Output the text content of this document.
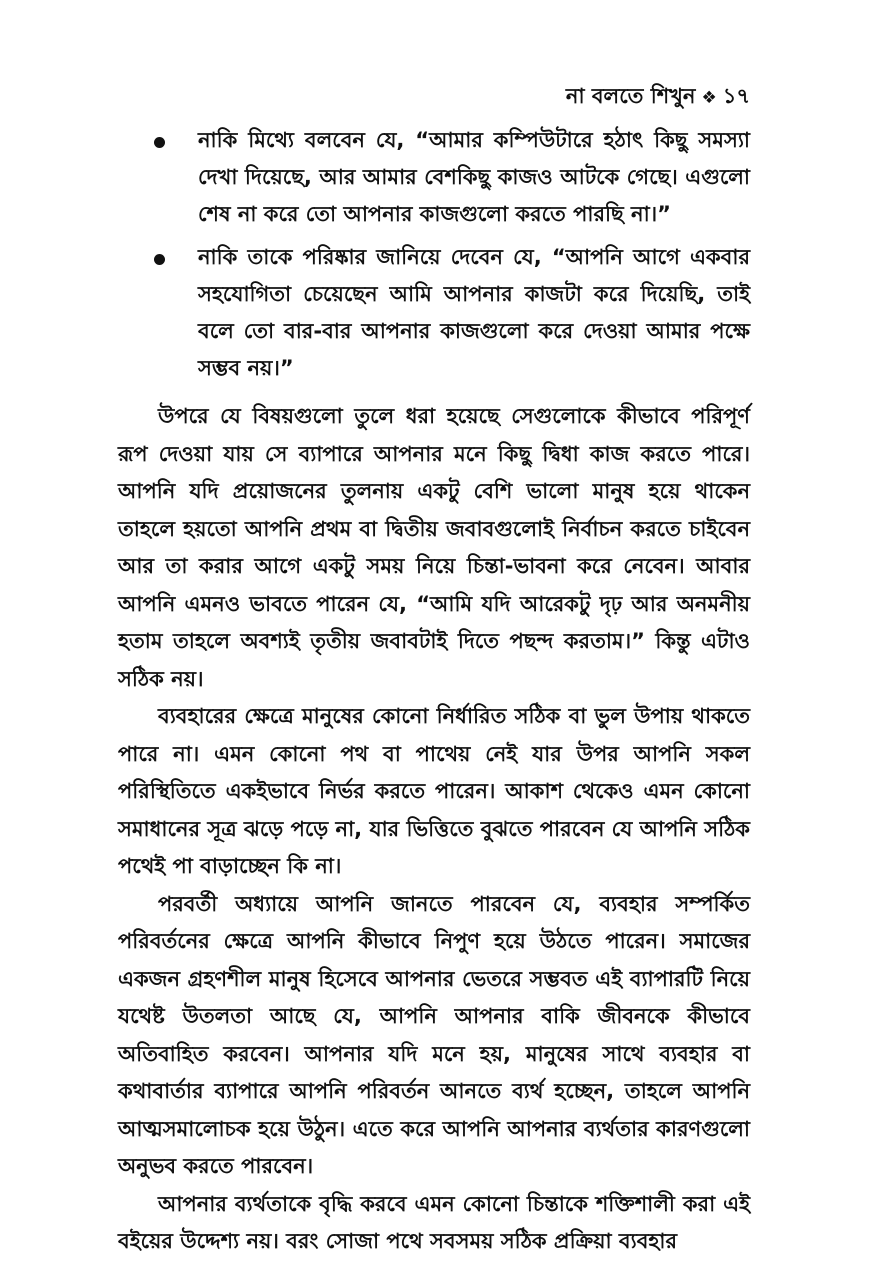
না বলতে শিখুন ❖ ১৭
নাকি মিথ্যে বলবেন যে, “আমার কম্পিউটারে হঠাৎ কিছু সমস্যা দেখা দিয়েছে, আর আমার বেশকিছু কাজও আটকে গেছে। এগুলো শেষ না করে তো আপনার কাজগুলো করতে পারছি না।”
নাকি তাকে পরিষ্কার জানিয়ে দেবেন যে, “আপনি আগে একবার সহযোগিতা চেয়েছেন আমি আপনার কাজটা করে দিয়েছি, তাই বলে তো বার-বার আপনার কাজগুলো করে দেওয়া আমার পক্ষে সম্ভব নয়।”

উপরে যে বিষয়গুলো তুলে ধরা হয়েছে সেগুলোকে কীভাবে পরিপূর্ণ রূপ দেওয়া যায় সে ব্যাপারে আপনার মনে কিছু দ্বিধা কাজ করতে পারে। আপনি যদি প্রয়োজনের তুলনায় একটু বেশি ভালো মানুষ হয়ে থাকেন তাহলে হয়তো আপনি প্রথম বা দ্বিতীয় জবাবগুলোই নির্বাচন করতে চাইবেন আর তা করার আগে একটু সময় নিয়ে চিন্তা-ভাবনা করে নেবেন। আবার আপনি এমনও ভাবতে পারেন যে, “আমি যদি আরেকটু দৃঢ় আর অনমনীয় হতাম তাহলে অবশ্যই তৃতীয় জবাবটাই দিতে পছন্দ করতাম।” কিন্তু এটাও সঠিক নয়।

ব্যবহারের ক্ষেত্রে মানুষের কোনো নির্ধারিত সঠিক বা ভুল উপায় থাকতে পারে না। এমন কোনো পথ বা পাথেয় নেই যার উপর আপনি সকল পরিস্থিতিতে একইভাবে নির্ভর করতে পারেন। আকাশ থেকেও এমন কোনো সমাধানের সূত্র ঝড়ে পড়ে না, যার ভিত্তিতে বুঝতে পারবেন যে আপনি সঠিক পথেই পা বাড়াচ্ছেন কি না।

পরবর্তী অধ্যায়ে আপনি জানতে পারবেন যে, ব্যবহার সম্পর্কিত পরিবর্তনের ক্ষেত্রে আপনি কীভাবে নিপুণ হয়ে উঠতে পারেন। সমাজের একজন গ্রহণশীল মানুষ হিসেবে আপনার ভেতরে সম্ভবত এই ব্যাপারটি নিয়ে যথেষ্ট উতলতা আছে যে, আপনি আপনার বাকি জীবনকে কীভাবে অতিবাহিত করবেন। আপনার যদি মনে হয়, মানুষের সাথে ব্যবহার বা কথাবার্তার ব্যাপারে আপনি পরিবর্তন আনতে ব্যর্থ হচ্ছেন, তাহলে আপনি আত্মসমালোচক হয়ে উঠুন। এতে করে আপনি আপনার ব্যর্থতার কারণগুলো অনুভব করতে পারবেন।

আপনার ব্যর্থতাকে বৃদ্ধি করবে এমন কোনো চিন্তাকে শক্তিশালী করা এই বইয়ের উদ্দেশ্য নয়। বরং সোজা পথে সবসময় সঠিক প্রক্রিয়া ব্যবহার
